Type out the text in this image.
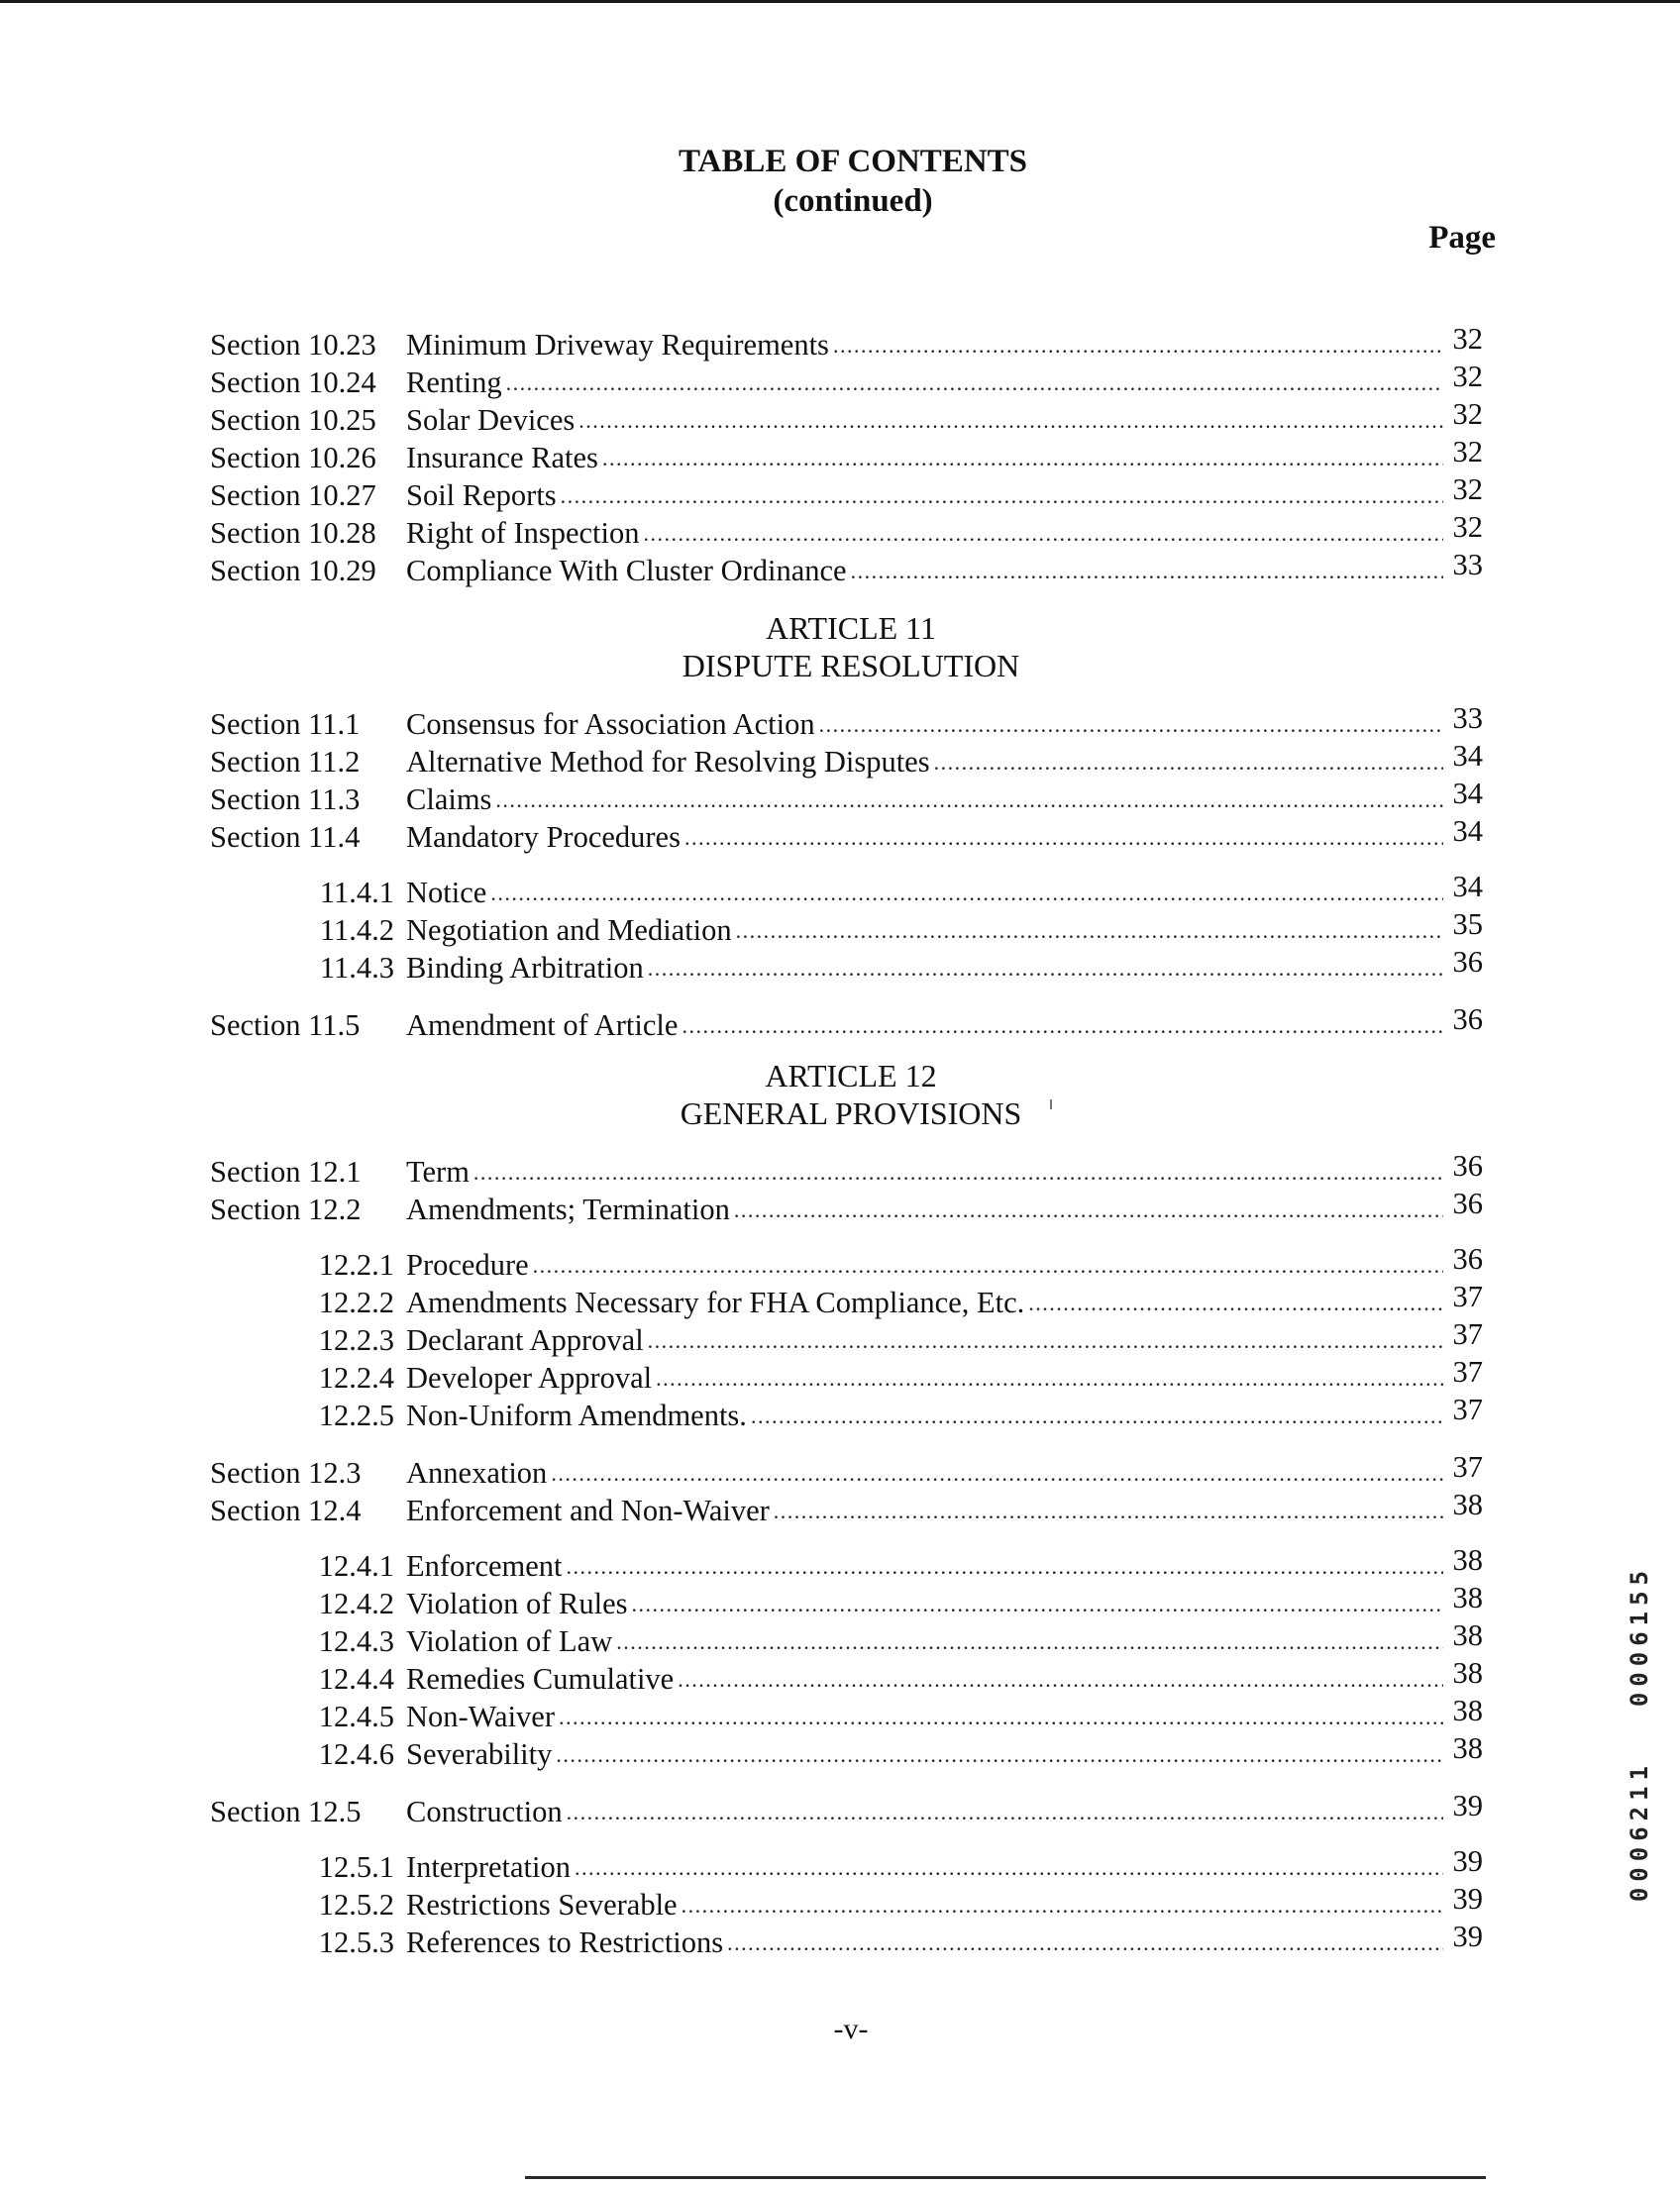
TABLE OF CONTENTS
(continued)
Page
Section 10.23 Minimum Driveway Requirements . . .	32
Section 10.24 Renting . . .	32
Section 10.25 Solar Devices . . .	32
Section 10.26 Insurance Rates . . .	32
Section 10.27 Soil Reports . . .	32
Section 10.28 Right of Inspection . . .	32
Section 10.29 Compliance With Cluster Ordinance . . .	33
ARTICLE 11
DISPUTE RESOLUTION
Section 11.1	Consensus for Association Action . . .	33
Section 11.2	Alternative Method for Resolving Disputes . . .	34
Section 11.3	Claims . . .	34
Section 11.4	Mandatory Procedures . . .	34
11.4.1 Notice . . .	34
11.4.2 Negotiation and Mediation . . .	35
11.4.3 Binding Arbitration . . .	36
Section 11.5	Amendment of Article . . .	36
ARTICLE 12
GENERAL PROVISIONS
Section 12.1	Term . . .	36
Section 12.2	Amendments; Termination . . .	36
12.2.1 Procedure . . .	36
12.2.2 Amendments Necessary for FHA Compliance, Etc. . . .	37
12.2.3 Declarant Approval . . .	37
12.2.4 Developer Approval . . .	37
12.2.5 Non-Uniform Amendments. . . .	37
Section 12.3	Annexation . . .	37
Section 12.4	Enforcement and Non-Waiver . . .	38
12.4.1 Enforcement . . .	38
12.4.2 Violation of Rules . . .	38
12.4.3 Violation of Law . . .	38
12.4.4 Remedies Cumulative . . .	38
12.4.5 Non-Waiver . . .	38
12.4.6 Severability . . .	38
Section 12.5	Construction . . .	39
12.5.1 Interpretation . . .	39
12.5.2 Restrictions Severable . . .	39
12.5.3 References to Restrictions . . .	39
-v-
0006155
0006211
